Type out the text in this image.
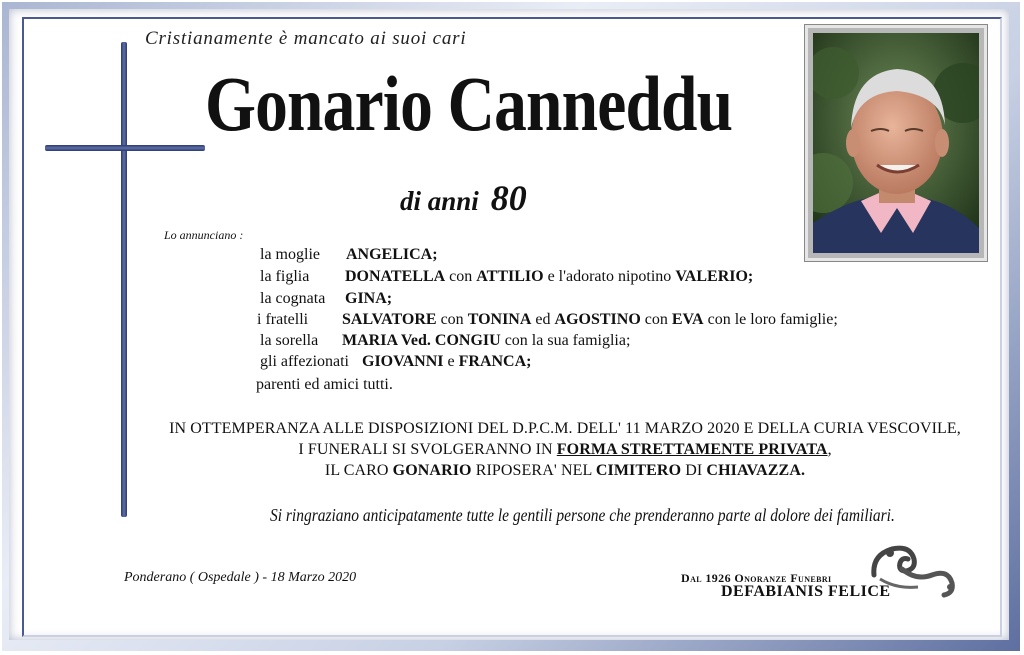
Cristianamente è mancato ai suoi cari
Gonario Canneddu
di anni 80
Lo annunciano :
la moglie ANGELICA;
la figlia DONATELLA con ATTILIO e l'adorato nipotino VALERIO;
la cognata GINA;
i fratelli SALVATORE con TONINA ed AGOSTINO con EVA con le loro famiglie;
la sorella MARIA Ved. CONGIU con la sua famiglia;
gli affezionati GIOVANNI e FRANCA;
parenti ed amici tutti.
IN OTTEMPERANZA ALLE DISPOSIZIONI DEL D.P.C.M. DELL' 11 MARZO 2020 E DELLA CURIA VESCOVILE,
I FUNERALI SI SVOLGERANNO IN FORMA STRETTAMENTE PRIVATA,
IL CARO GONARIO RIPOSERA' NEL CIMITERO DI CHIAVAZZA.
Si ringraziano anticipatamente tutte le gentili persone che prenderanno parte al dolore dei familiari.
Ponderano ( Ospedale ) - 18 Marzo 2020	Dal 1926 Onoranze Funebri
DEFABIANIS FELICE
